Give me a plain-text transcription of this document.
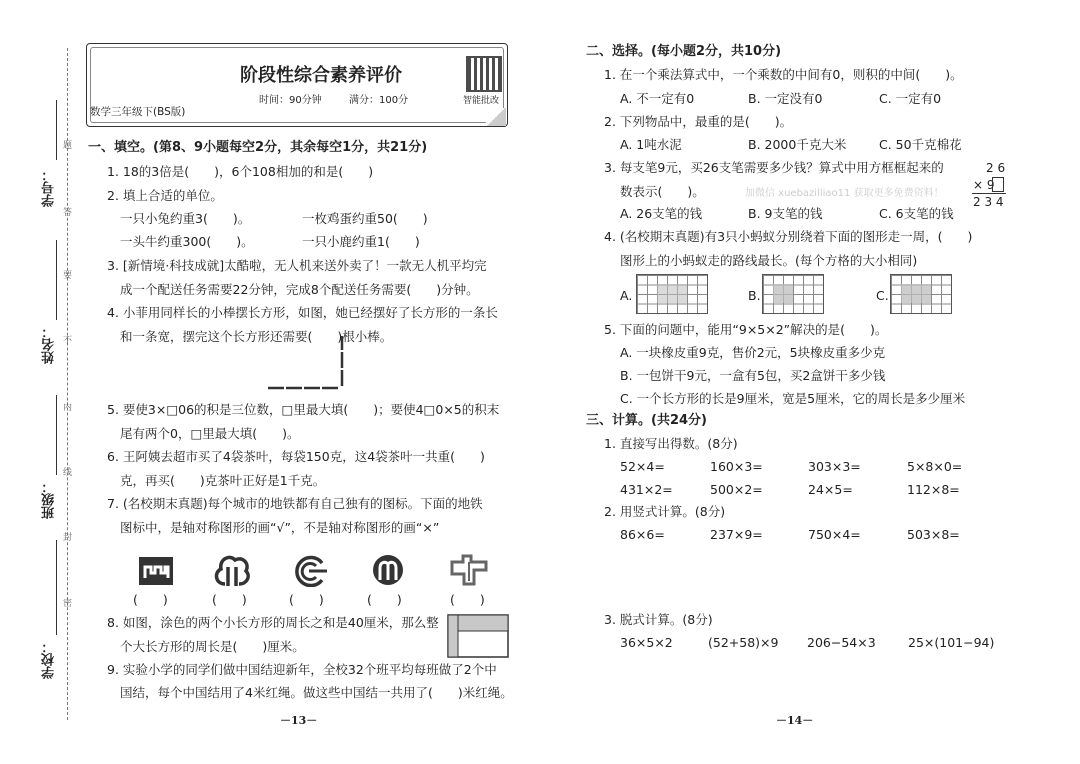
学号：
姓名：
班级：
学校：
题
答
要
不
内
线
封
密
阶段性综合素养评价
数学三年级下(BS版)
时间：90分钟	满分：100分	智能批改
一、填空。(第8、9小题每空2分，其余每空1分，共21分)
1. 18的3倍是(　　)，6个108相加的和是(　　)
2. 填上合适的单位。
一只小兔约重3(　　)。	一枚鸡蛋约重50(　　)
一头牛约重300(　　)。	一只小鹿约重1(　　)
3. [新情境·科技成就]太酷啦，无人机来送外卖了！一款无人机平均完
成一个配送任务需要22分钟，完成8个配送任务需要(　　)分钟。
4. 小菲用同样长的小棒摆长方形，如图，她已经摆好了长方形的一条长
和一条宽，摆完这个长方形还需要(　　)根小棒。
5. 要使3×□06的积是三位数，□里最大填(　　)；要使4□0×5的积末
尾有两个0，□里最大填(　　)。
6. 王阿姨去超市买了4袋茶叶，每袋150克，这4袋茶叶一共重(　　)
克，再买(　　)克茶叶正好是1千克。
7. (名校期末真题)每个城市的地铁都有自己独有的图标。下面的地铁
图标中，是轴对称图形的画“√”，不是轴对称图形的画“×”
(　　)	(　　)	(　　)	(　　)	(　　)
8. 如图，涂色的两个小长方形的周长之和是40厘米，那么整
个大长方形的周长是(　　)厘米。
9. 实验小学的同学们做中国结迎新年，全校32个班平均每班做了2个中
国结，每个中国结用了4米红绳。做这些中国结一共用了(　　)米红绳。
－13－
二、选择。(每小题2分，共10分)
1. 在一个乘法算式中，一个乘数的中间有0，则积的中间(　　)。
A. 不一定有0	B. 一定没有0	C. 一定有0
2. 下列物品中，最重的是(　　)。
A. 1吨水泥	B. 2000千克大米	C. 50千克棉花
3. 每支笔9元，买26支笔需要多少钱？算式中用方框框起来的
数表示(　　)。	加微信 xuebazilliao11 获取更多免费资料！
2 6
× 9
2 3 4
A. 26支笔的钱	B. 9支笔的钱	C. 6支笔的钱
4. (名校期末真题)有3只小蚂蚁分别绕着下面的图形走一周，(　　)
图形上的小蚂蚁走的路线最长。(每个方格的大小相同)
A.	B.	C.
5. 下面的问题中，能用“9×5×2”解决的是(　　)。
A. 一块橡皮重9克，售价2元，5块橡皮重多少克
B. 一包饼干9元，一盒有5包，买2盒饼干多少钱
C. 一个长方形的长是9厘米，宽是5厘米，它的周长是多少厘米
三、计算。(共24分)
1. 直接写出得数。(8分)
52×4=	160×3=	303×3=	5×8×0=
431×2=	500×2=	24×5=	112×8=
2. 用竖式计算。(8分)
86×6=	237×9=	750×4=	503×8=
3. 脱式计算。(8分)
36×5×2	(52+58)×9 206−54×3	25×(101−94)
－14－
